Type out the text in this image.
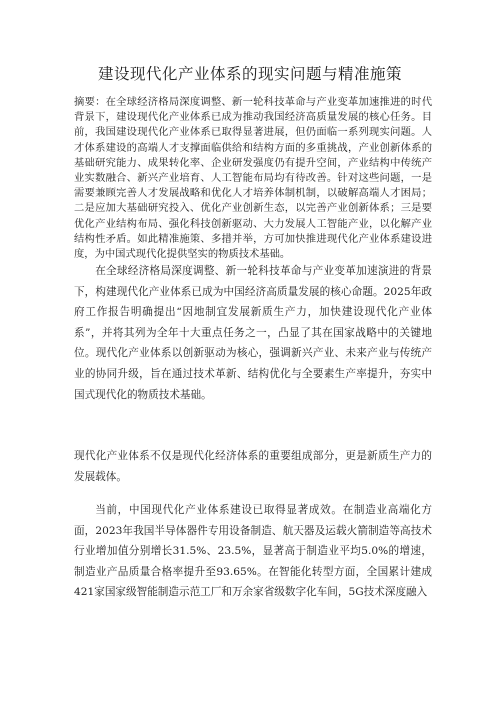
建设现代化产业体系的现实问题与精准施策

摘要：在全球经济格局深度调整、新一轮科技革命与产业变革加速推进的时代背景下，建设现代化产业体系已成为推动我国经济高质量发展的核心任务。目前，我国建设现代化产业体系已取得显著进展，但仍面临一系列现实问题。人才体系建设的高端人才支撑面临供给和结构方面的多重挑战，产业创新体系的基础研究能力、成果转化率、企业研发强度仍有提升空间，产业结构中传统产业实数融合、新兴产业培育、人工智能布局均有待改善。针对这些问题，一是需要兼顾完善人才发展战略和优化人才培养体制机制，以破解高端人才困局；二是应加大基础研究投入、优化产业创新生态，以完善产业创新体系；三是要优化产业结构布局、强化科技创新驱动、大力发展人工智能产业，以化解产业结构性矛盾。如此精准施策、多措并举，方可加快推进现代化产业体系建设进度，为中国式现代化提供坚实的物质技术基础。

在全球经济格局深度调整、新一轮科技革命与产业变革加速演进的背景下，构建现代化产业体系已成为中国经济高质量发展的核心命题。2025年政府工作报告明确提出“因地制宜发展新质生产力，加快建设现代化产业体系”，并将其列为全年十大重点任务之一，凸显了其在国家战略中的关键地位。现代化产业体系以创新驱动为核心，强调新兴产业、未来产业与传统产业的协同升级，旨在通过技术革新、结构优化与全要素生产率提升，夯实中国式现代化的物质技术基础。

现代化产业体系不仅是现代化经济体系的重要组成部分，更是新质生产力的发展载体。

当前，中国现代化产业体系建设已取得显著成效。在制造业高端化方面，2023年我国半导体器件专用设备制造、航天器及运载火箭制造等高技术行业增加值分别增长31.5%、23.5%，显著高于制造业平均5.0%的增速，制造业产品质量合格率提升至93.65%。在智能化转型方面，全国累计建成421家国家级智能制造示范工厂和万余家省级数字化车间，5G技术深度融入
